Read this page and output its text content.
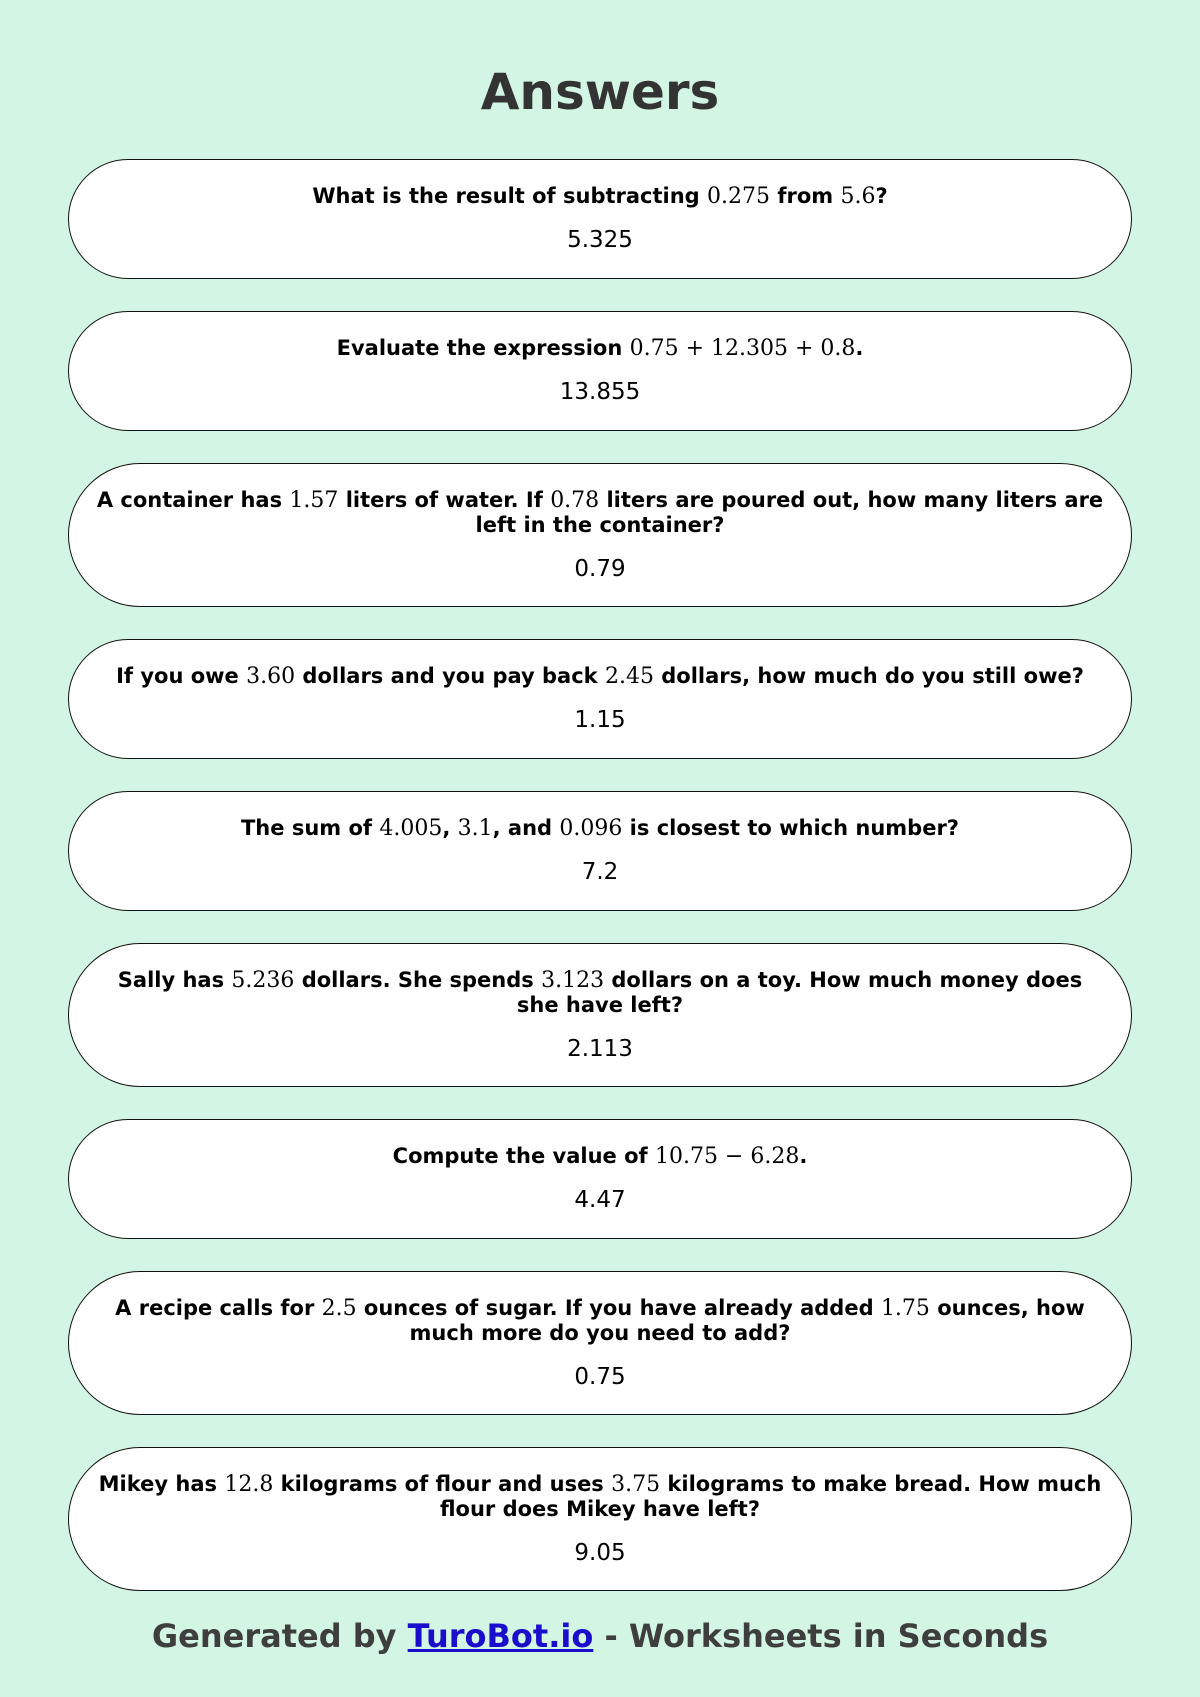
Answers
What is the result of subtracting 0.275 from 5.6?
5.325
Evaluate the expression 0.75 + 12.305 + 0.8.
13.855
A container has 1.57 liters of water. If 0.78 liters are poured out, how many liters are left in the container?
0.79
If you owe 3.60 dollars and you pay back 2.45 dollars, how much do you still owe?
1.15
The sum of 4.005, 3.1, and 0.096 is closest to which number?
7.2
Sally has 5.236 dollars. She spends 3.123 dollars on a toy. How much money does she have left?
2.113
Compute the value of 10.75 − 6.28.
4.47
A recipe calls for 2.5 ounces of sugar. If you have already added 1.75 ounces, how much more do you need to add?
0.75
Mikey has 12.8 kilograms of flour and uses 3.75 kilograms to make bread. How much flour does Mikey have left?
9.05
Generated by TuroBot.io - Worksheets in Seconds
